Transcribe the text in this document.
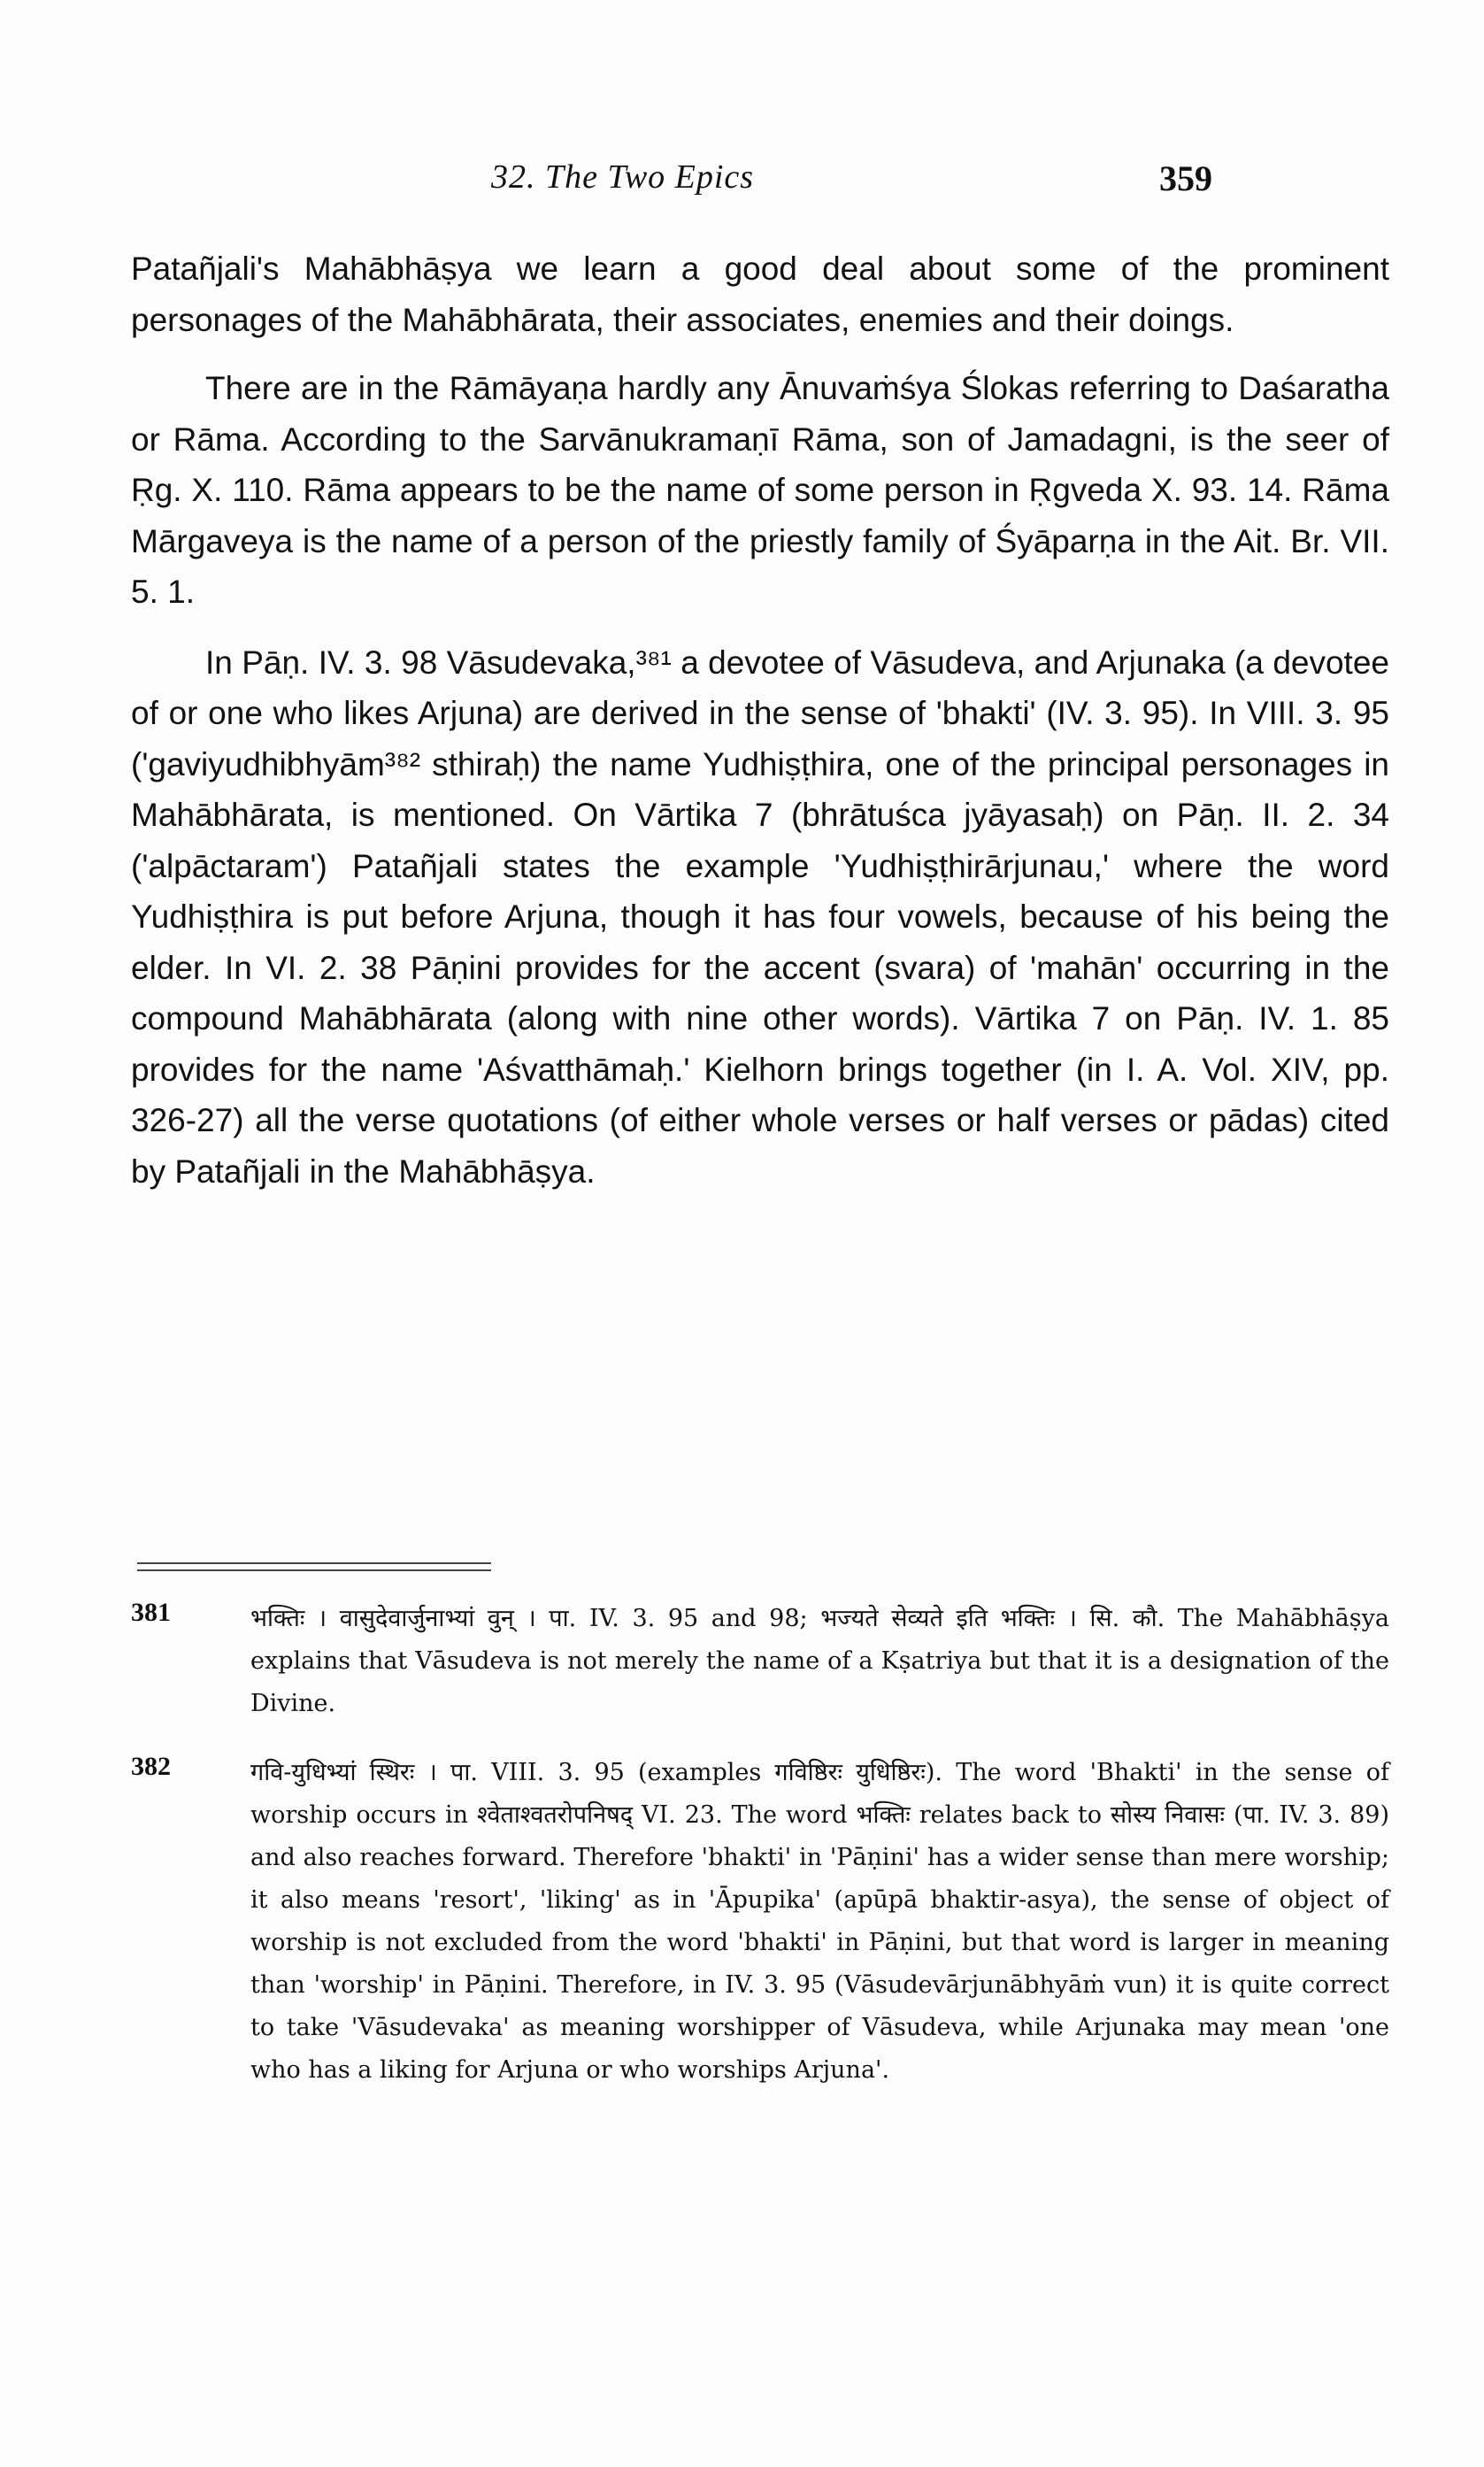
32. The Two Epics	359

Patañjali's Mahābhāṣya we learn a good deal about some of the prominent personages of the Mahābhārata, their associates, enemies and their doings.

There are in the Rāmāyaṇa hardly any Ānuvaṁśya Ślokas referring to Daśaratha or Rāma. According to the Sarvānukramaṇī Rāma, son of Jamadagni, is the seer of Ṛg. X. 110. Rāma appears to be the name of some person in Ṛgveda X. 93. 14. Rāma Mārgaveya is the name of a person of the priestly family of Śyāparṇa in the Ait. Br. VII. 5. 1.

In Pāṇ. IV. 3. 98 Vāsudevaka,³⁸¹ a devotee of Vāsudeva, and Arjunaka (a devotee of or one who likes Arjuna) are derived in the sense of 'bhakti' (IV. 3. 95). In VIII. 3. 95 ('gaviyudhibhyām³⁸² sthiraḥ) the name Yudhiṣṭhira, one of the principal personages in Mahābhārata, is mentioned. On Vārtika 7 (bhrātuśca jyāyasaḥ) on Pāṇ. II. 2. 34 ('alpāctaram') Patañjali states the example 'Yudhiṣṭhirārjunau,' where the word Yudhiṣṭhira is put before Arjuna, though it has four vowels, because of his being the elder. In VI. 2. 38 Pāṇini provides for the accent (svara) of 'mahān' occurring in the compound Mahābhārata (along with nine other words). Vārtika 7 on Pāṇ. IV. 1. 85 provides for the name 'Aśvatthāmaḥ.' Kielhorn brings together (in I. A. Vol. XIV, pp. 326-27) all the verse quotations (of either whole verses or half verses or pādas) cited by Patañjali in the Mahābhāṣya.

381	भक्तिः । वासुदेवार्जुनाभ्यां वुन् । पा. IV. 3. 95 and 98; भज्यते सेव्यते इति भक्तिः । सि. कौ. The Mahābhāṣya explains that Vāsudeva is not merely the name of a Kṣatriya but that it is a designation of the Divine.

382	गवि-युधिभ्यां स्थिरः । पा. VIII. 3. 95 (examples गविष्ठिरः युधिष्ठिरः). The word 'Bhakti' in the sense of worship occurs in श्वेताश्वतरोपनिषद् VI. 23. The word भक्तिः relates back to सोस्य निवासः (पा. IV. 3. 89) and also reaches forward. Therefore 'bhakti' in 'Pāṇini' has a wider sense than mere worship; it also means 'resort', 'liking' as in 'Āpupika' (apūpā bhaktir-asya), the sense of object of worship is not excluded from the word 'bhakti' in Pāṇini, but that word is larger in meaning than 'worship' in Pāṇini. Therefore, in IV. 3. 95 (Vāsudevārjunābhyāṁ vun) it is quite correct to take 'Vāsudevaka' as meaning worshipper of Vāsudeva, while Arjunaka may mean 'one who has a liking for Arjuna or who worships Arjuna'.
